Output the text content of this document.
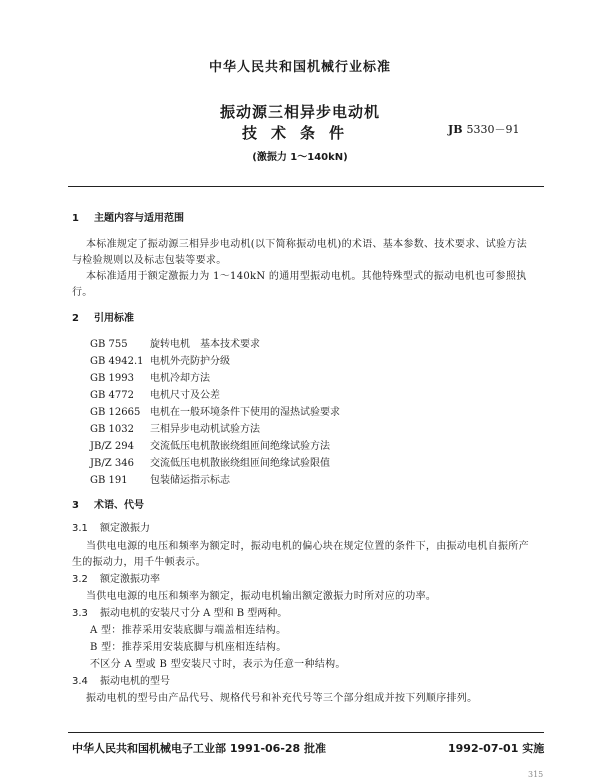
中华人民共和国机械行业标准
振动源三相异步电动机
技术条件
(激振力 1～140kN)
JB 5330－91
1 主题内容与适用范围
本标准规定了振动源三相异步电动机(以下简称振动电机)的术语、基本参数、技术要求、试验方法
与检验规则以及标志包装等要求。
本标准适用于额定激振力为 1～140kN 的通用型振动电机。其他特殊型式的振动电机也可参照执
行。
2 引用标准
GB 755 旋转电机　基本技术要求
GB 4942.1 电机外壳防护分级
GB 1993 电机冷却方法
GB 4772 电机尺寸及公差
GB 12665 电机在一般环境条件下使用的湿热试验要求
GB 1032 三相异步电动机试验方法
JB/Z 294 交流低压电机散嵌绕组匝间绝缘试验方法
JB/Z 346 交流低压电机散嵌绕组匝间绝缘试验限值
GB 191 包装储运指示标志
3 术语、代号
3.1 额定激振力
当供电电源的电压和频率为额定时，振动电机的偏心块在规定位置的条件下，由振动电机自振所产
生的振动力，用千牛顿表示。
3.2 额定激振功率
当供电电源的电压和频率为额定，振动电机输出额定激振力时所对应的功率。
3.3 振动电机的安装尺寸分 A 型和 B 型两种。
A 型：推荐采用安装底脚与端盖相连结构。
B 型：推荐采用安装底脚与机座相连结构。
不区分 A 型或 B 型安装尺寸时，表示为任意一种结构。
3.4 振动电机的型号
振动电机的型号由产品代号、规格代号和补充代号等三个部分组成并按下列顺序排列。
中华人民共和国机械电子工业部 1991-06-28 批准	1992-07-01 实施
315
